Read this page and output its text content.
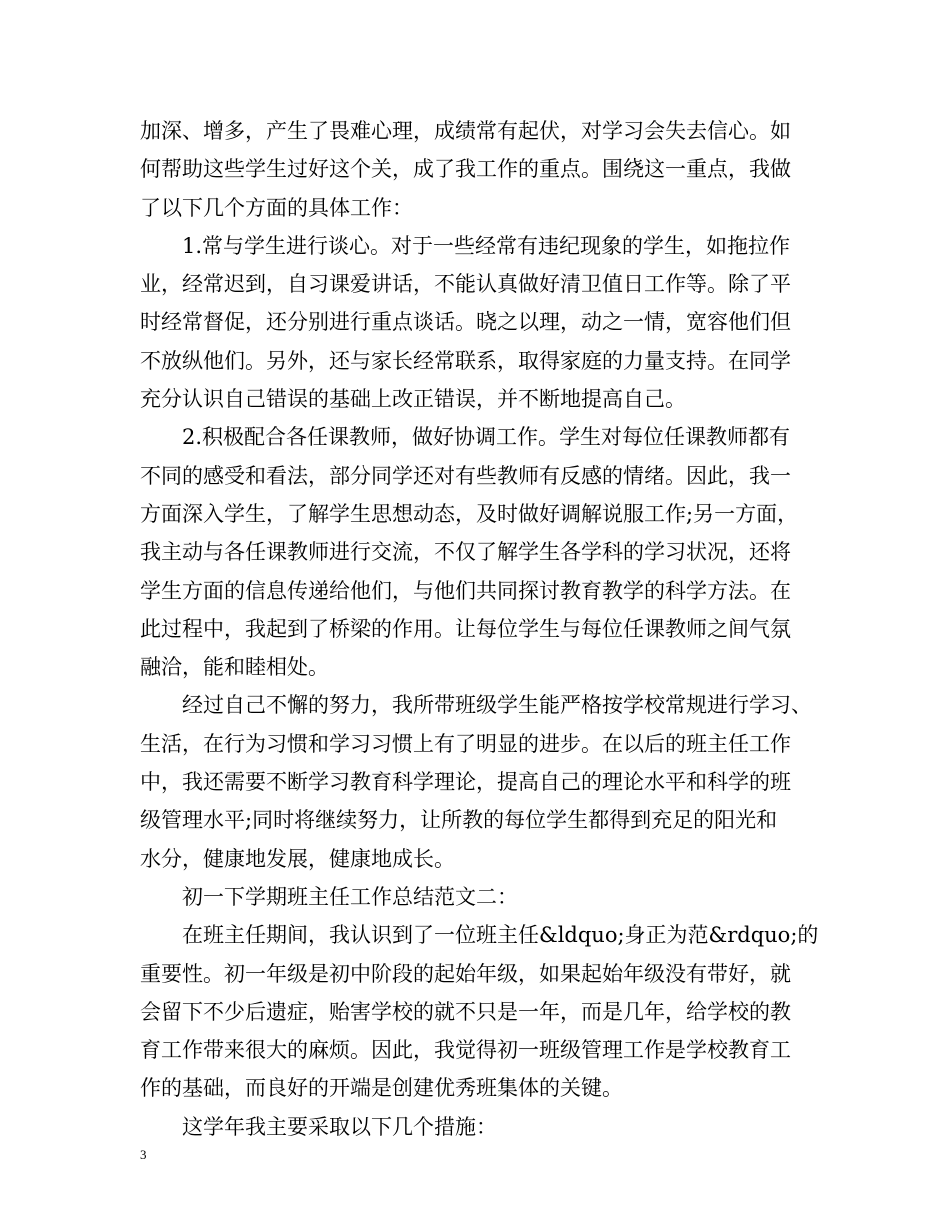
加深、增多，产生了畏难心理，成绩常有起伏，对学习会失去信心。如
何帮助这些学生过好这个关，成了我工作的重点。围绕这一重点，我做
了以下几个方面的具体工作：
1.常与学生进行谈心。对于一些经常有违纪现象的学生，如拖拉作
业，经常迟到，自习课爱讲话，不能认真做好清卫值日工作等。除了平
时经常督促，还分别进行重点谈话。晓之以理，动之一情，宽容他们但
不放纵他们。另外，还与家长经常联系，取得家庭的力量支持。在同学
充分认识自己错误的基础上改正错误，并不断地提高自己。
2.积极配合各任课教师，做好协调工作。学生对每位任课教师都有
不同的感受和看法，部分同学还对有些教师有反感的情绪。因此，我一
方面深入学生，了解学生思想动态，及时做好调解说服工作;另一方面，
我主动与各任课教师进行交流，不仅了解学生各学科的学习状况，还将
学生方面的信息传递给他们，与他们共同探讨教育教学的科学方法。在
此过程中，我起到了桥梁的作用。让每位学生与每位任课教师之间气氛
融洽，能和睦相处。
经过自己不懈的努力，我所带班级学生能严格按学校常规进行学习、
生活，在行为习惯和学习习惯上有了明显的进步。在以后的班主任工作
中，我还需要不断学习教育科学理论，提高自己的理论水平和科学的班
级管理水平;同时将继续努力，让所教的每位学生都得到充足的阳光和
水分，健康地发展，健康地成长。
初一下学期班主任工作总结范文二：
在班主任期间，我认识到了一位班主任&ldquo;身正为范&rdquo;的
重要性。初一年级是初中阶段的起始年级，如果起始年级没有带好，就
会留下不少后遗症，贻害学校的就不只是一年，而是几年，给学校的教
育工作带来很大的麻烦。因此，我觉得初一班级管理工作是学校教育工
作的基础，而良好的开端是创建优秀班集体的关键。
这学年我主要采取以下几个措施：
3
